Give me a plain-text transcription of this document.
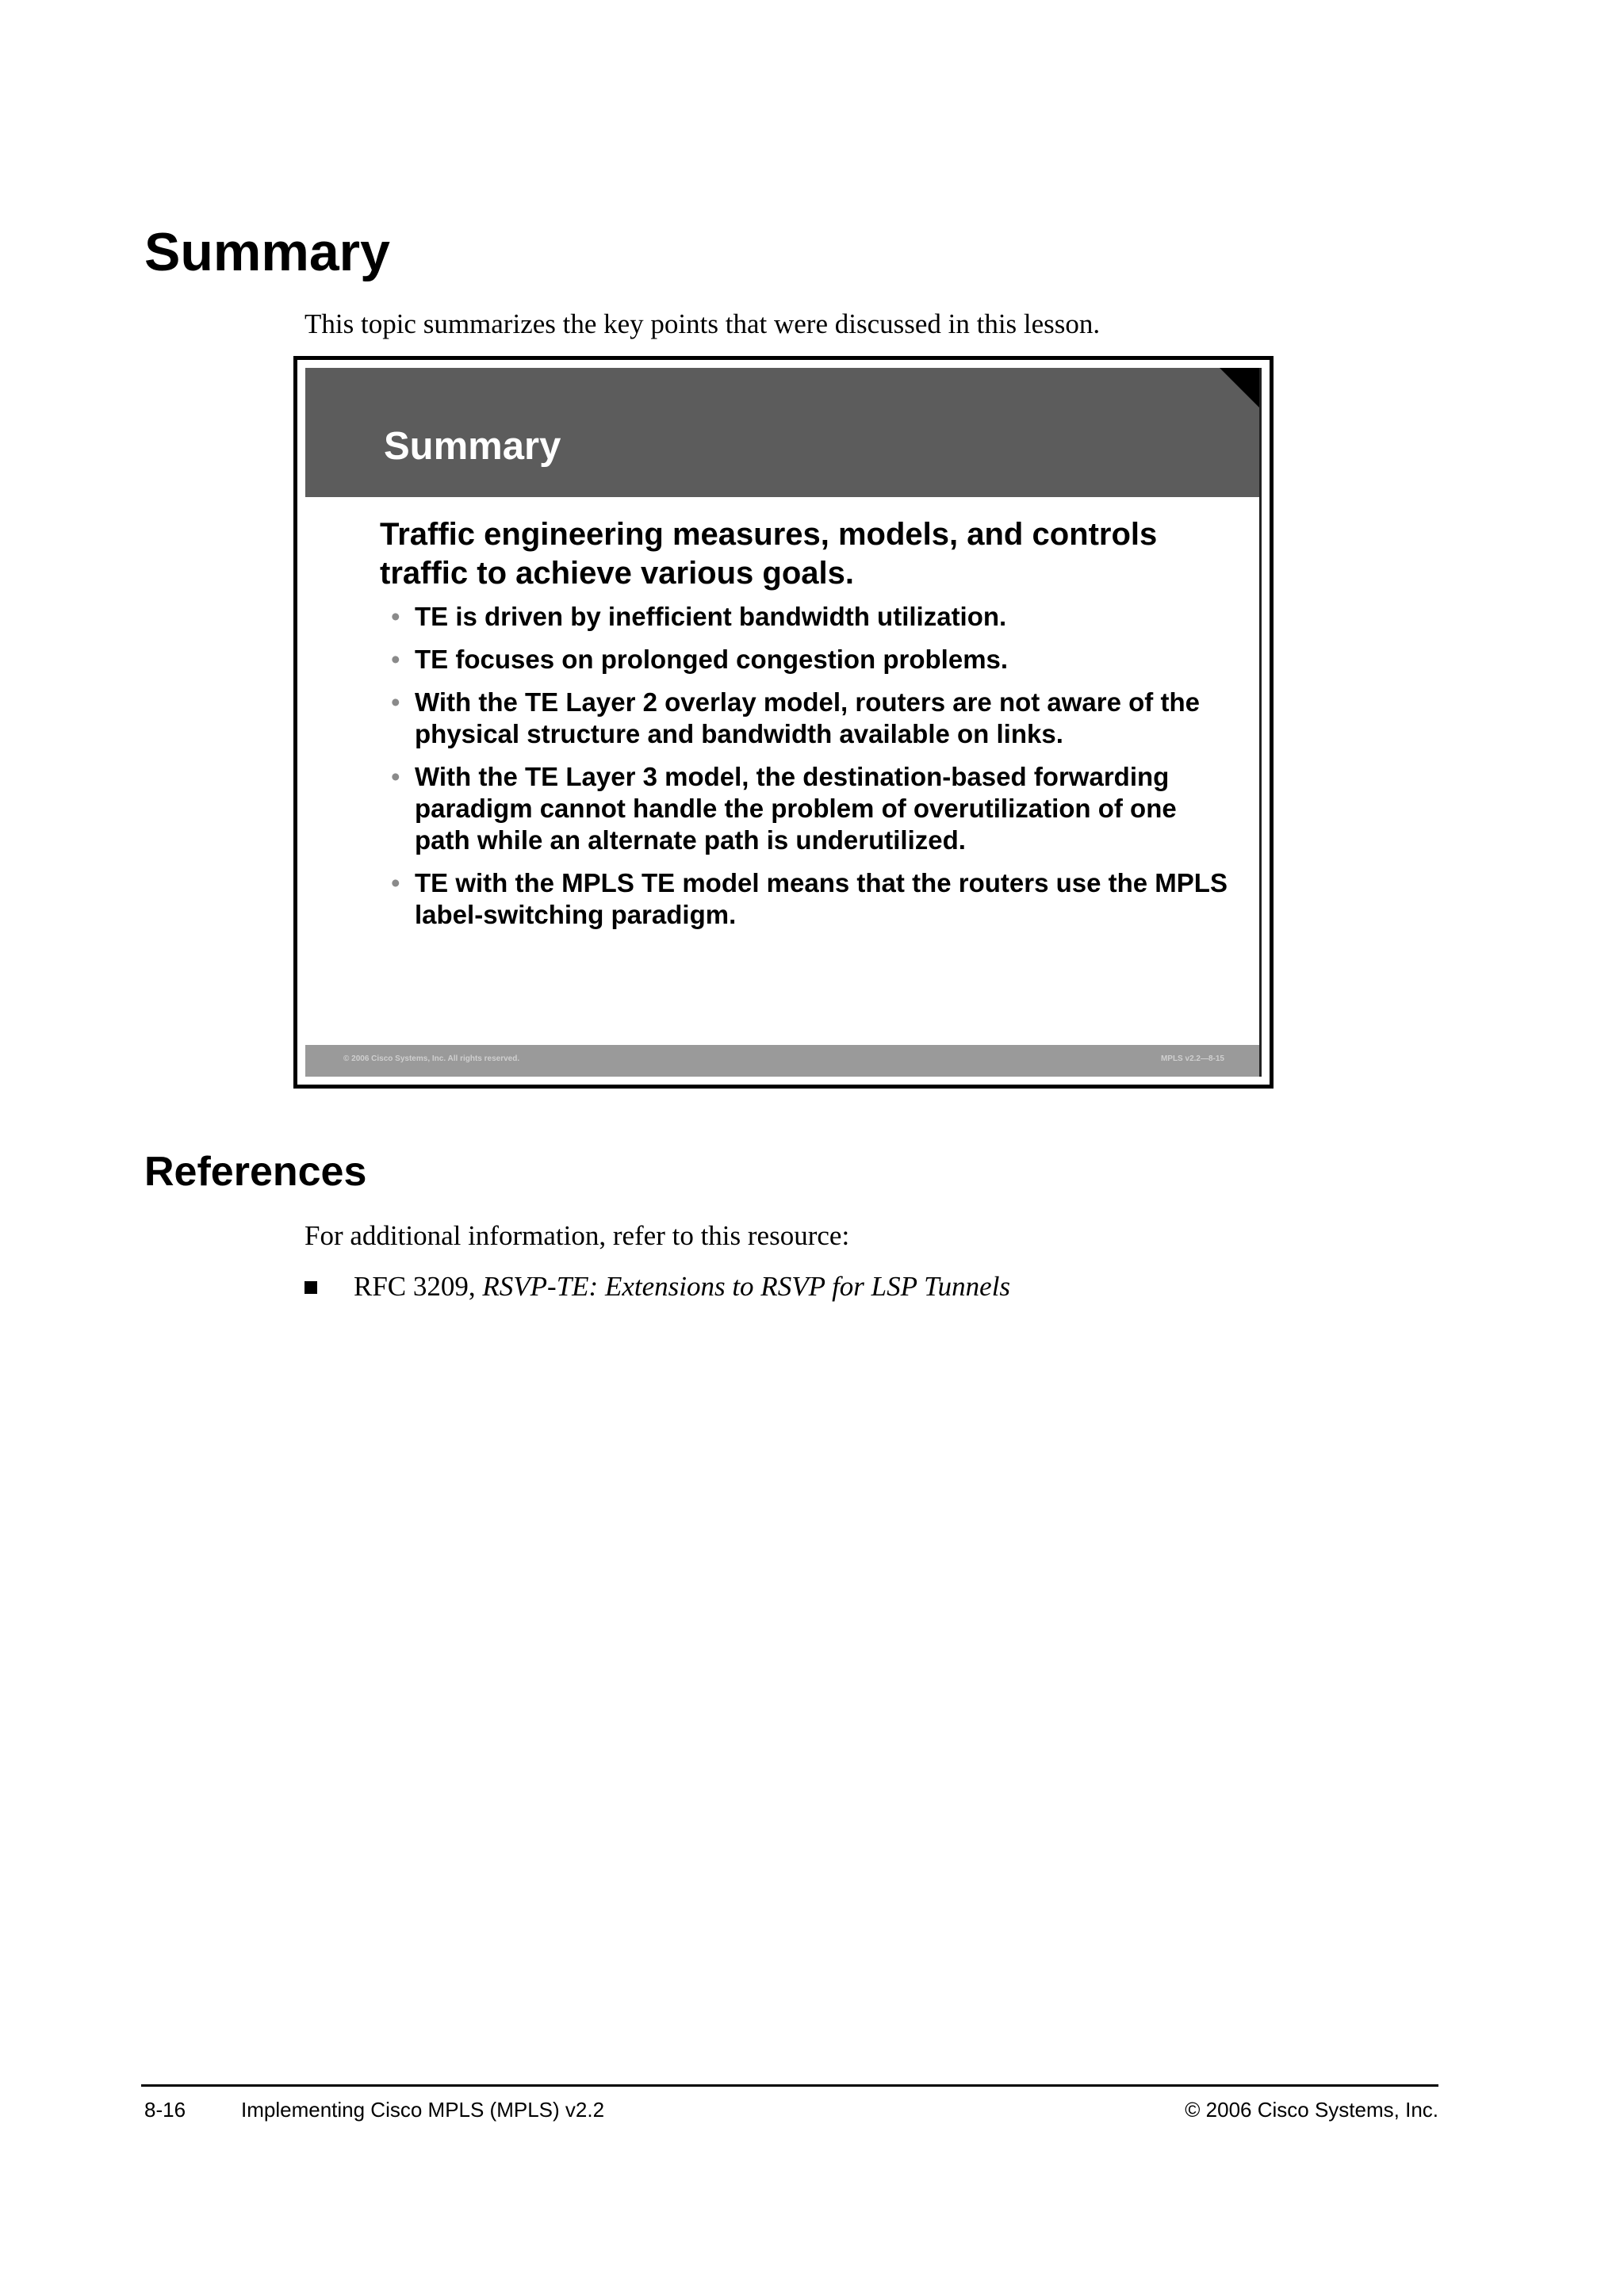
Summary

This topic summarizes the key points that were discussed in this lesson.

Summary

Traffic engineering measures, models, and controls traffic to achieve various goals.

• TE is driven by inefficient bandwidth utilization.
• TE focuses on prolonged congestion problems.
• With the TE Layer 2 overlay model, routers are not aware of the physical structure and bandwidth available on links.
• With the TE Layer 3 model, the destination-based forwarding paradigm cannot handle the problem of overutilization of one path while an alternate path is underutilized.
• TE with the MPLS TE model means that the routers use the MPLS label-switching paradigm.
© 2006 Cisco Systems, Inc. All rights reserved.	MPLS v2.2—8-15
References

For additional information, refer to this resource:

RFC 3209, RSVP-TE: Extensions to RSVP for LSP Tunnels
8-16	Implementing Cisco MPLS (MPLS) v2.2	© 2006 Cisco Systems, Inc.
